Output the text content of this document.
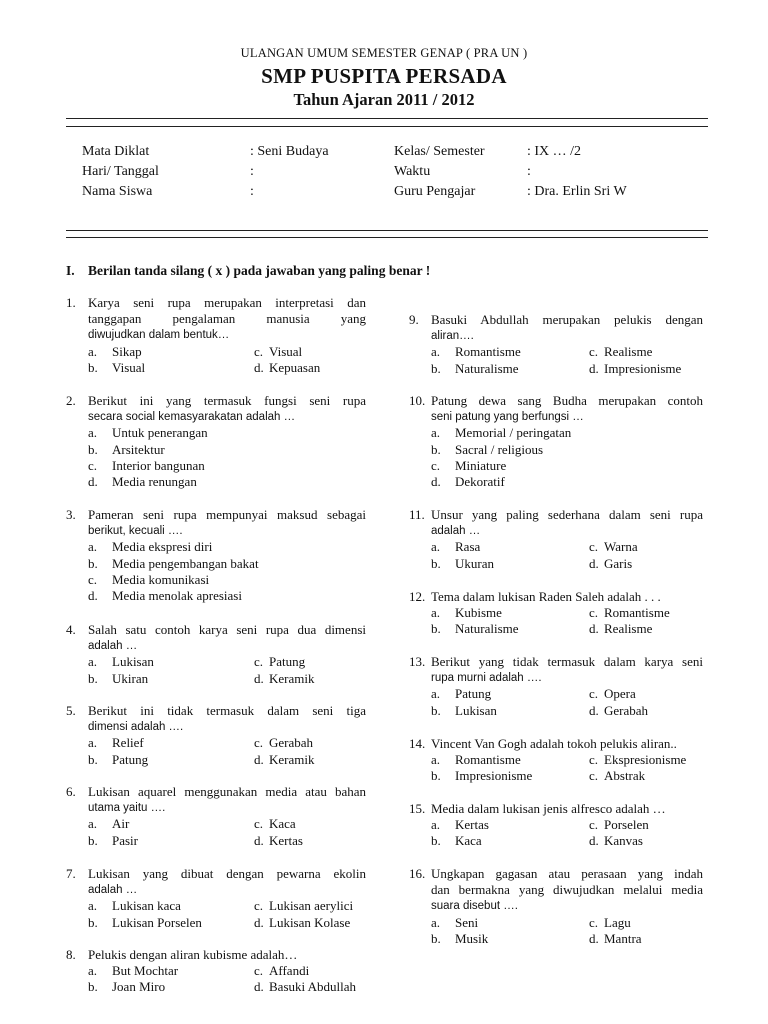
ULANGAN UMUM SEMESTER GENAP ( PRA UN )
SMP PUSPITA PERSADA
Tahun Ajaran 2011 / 2012
Mata Diklat	: Seni Budaya
Hari/ Tanggal	:
Nama Siswa	:
Kelas/ Semester	: IX … /2
Waktu	:
Guru Pengajar	: Dra. Erlin Sri W
I. Berilan tanda silang ( x ) pada jawaban yang paling benar !
1. Karya seni rupa merupakan interpretasi dan
tanggapan pengalaman manusia yang
diwujudkan dalam bentuk…
a. Sikap	c. Visual
b. Visual	d. Kepuasan
2. Berikut ini yang termasuk fungsi seni rupa
secara social kemasyarakatan adalah …
a. Untuk penerangan
b. Arsitektur
c. Interior bangunan
d. Media renungan
3. Pameran seni rupa mempunyai maksud sebagai
berikut, kecuali ….
a. Media ekspresi diri
b. Media pengembangan bakat
c. Media komunikasi
d. Media menolak apresiasi
4. Salah satu contoh karya seni rupa dua dimensi
adalah …
a. Lukisan	c. Patung
b. Ukiran	d. Keramik
5. Berikut ini tidak termasuk dalam seni tiga
dimensi adalah ….
a. Relief	c. Gerabah
b. Patung	d. Keramik
6. Lukisan aquarel menggunakan media atau bahan
utama yaitu ….
a. Air	c. Kaca
b. Pasir	d. Kertas
7. Lukisan yang dibuat dengan pewarna ekolin
adalah …
a. Lukisan kaca	c. Lukisan aerylici
b. Lukisan Porselen	d. Lukisan Kolase
8. Pelukis dengan aliran kubisme adalah…
a. But Mochtar	c. Affandi
b. Joan Miro	d. Basuki Abdullah
9. Basuki Abdullah merupakan pelukis dengan
aliran….
a. Romantisme	c. Realisme
b. Naturalisme	d. Impresionisme
10. Patung dewa sang Budha merupakan contoh
seni patung yang berfungsi …
a. Memorial / peringatan
b. Sacral / religious
c. Miniature
d. Dekoratif
11. Unsur yang paling sederhana dalam seni rupa
adalah …
a. Rasa	c. Warna
b. Ukuran	d. Garis
12. Tema dalam lukisan Raden Saleh adalah . . .
a. Kubisme	c. Romantisme
b. Naturalisme	d. Realisme
13. Berikut yang tidak termasuk dalam karya seni
rupa murni adalah ….
a. Patung	c. Opera
b. Lukisan	d. Gerabah
14. Vincent Van Gogh adalah tokoh pelukis aliran..
a. Romantisme	c. Ekspresionisme
b. Impresionisme	c. Abstrak
15. Media dalam lukisan jenis alfresco adalah …
a. Kertas	c. Porselen
b. Kaca	d. Kanvas
16. Ungkapan gagasan atau perasaan yang indah
dan bermakna yang diwujudkan melalui media
suara disebut ….
a. Seni	c. Lagu
b. Musik	d. Mantra
